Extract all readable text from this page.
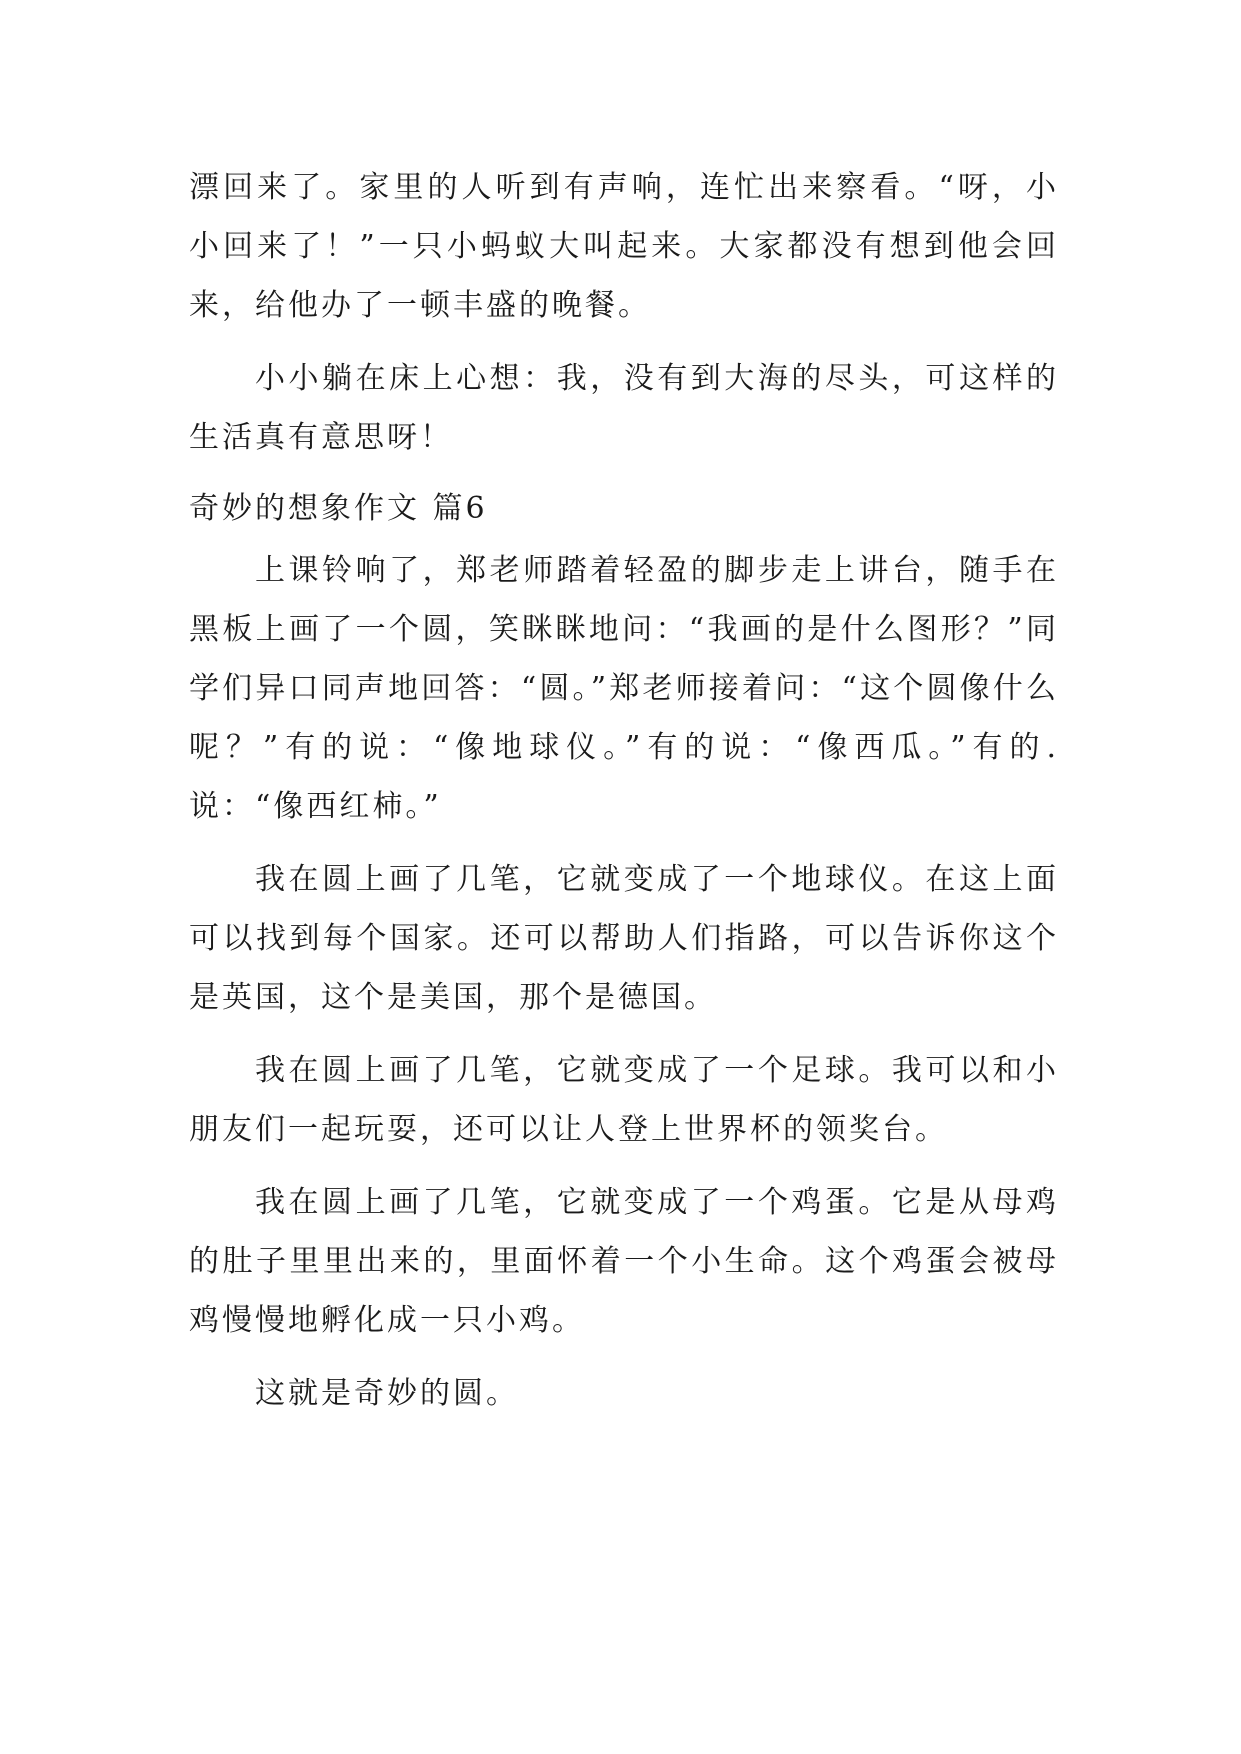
漂回来了。家里的人听到有声响，连忙出来察看。“呀，小小回来了！”一只小蚂蚁大叫起来。大家都没有想到他会回来，给他办了一顿丰盛的晚餐。

小小躺在床上心想：我，没有到大海的尽头，可这样的生活真有意思呀！

奇妙的想象作文 篇6

上课铃响了，郑老师踏着轻盈的脚步走上讲台，随手在黑板上画了一个圆，笑眯眯地问：“我画的是什么图形？”同学们异口同声地回答：“圆。”郑老师接着问：“这个圆像什么呢？”有的说：“像地球仪。”有的说：“像西瓜。”有的.说：“像西红柿。”

我在圆上画了几笔，它就变成了一个地球仪。在这上面可以找到每个国家。还可以帮助人们指路，可以告诉你这个是英国，这个是美国，那个是德国。

我在圆上画了几笔，它就变成了一个足球。我可以和小朋友们一起玩耍，还可以让人登上世界杯的领奖台。

我在圆上画了几笔，它就变成了一个鸡蛋。它是从母鸡的肚子里里出来的，里面怀着一个小生命。这个鸡蛋会被母鸡慢慢地孵化成一只小鸡。

这就是奇妙的圆。
